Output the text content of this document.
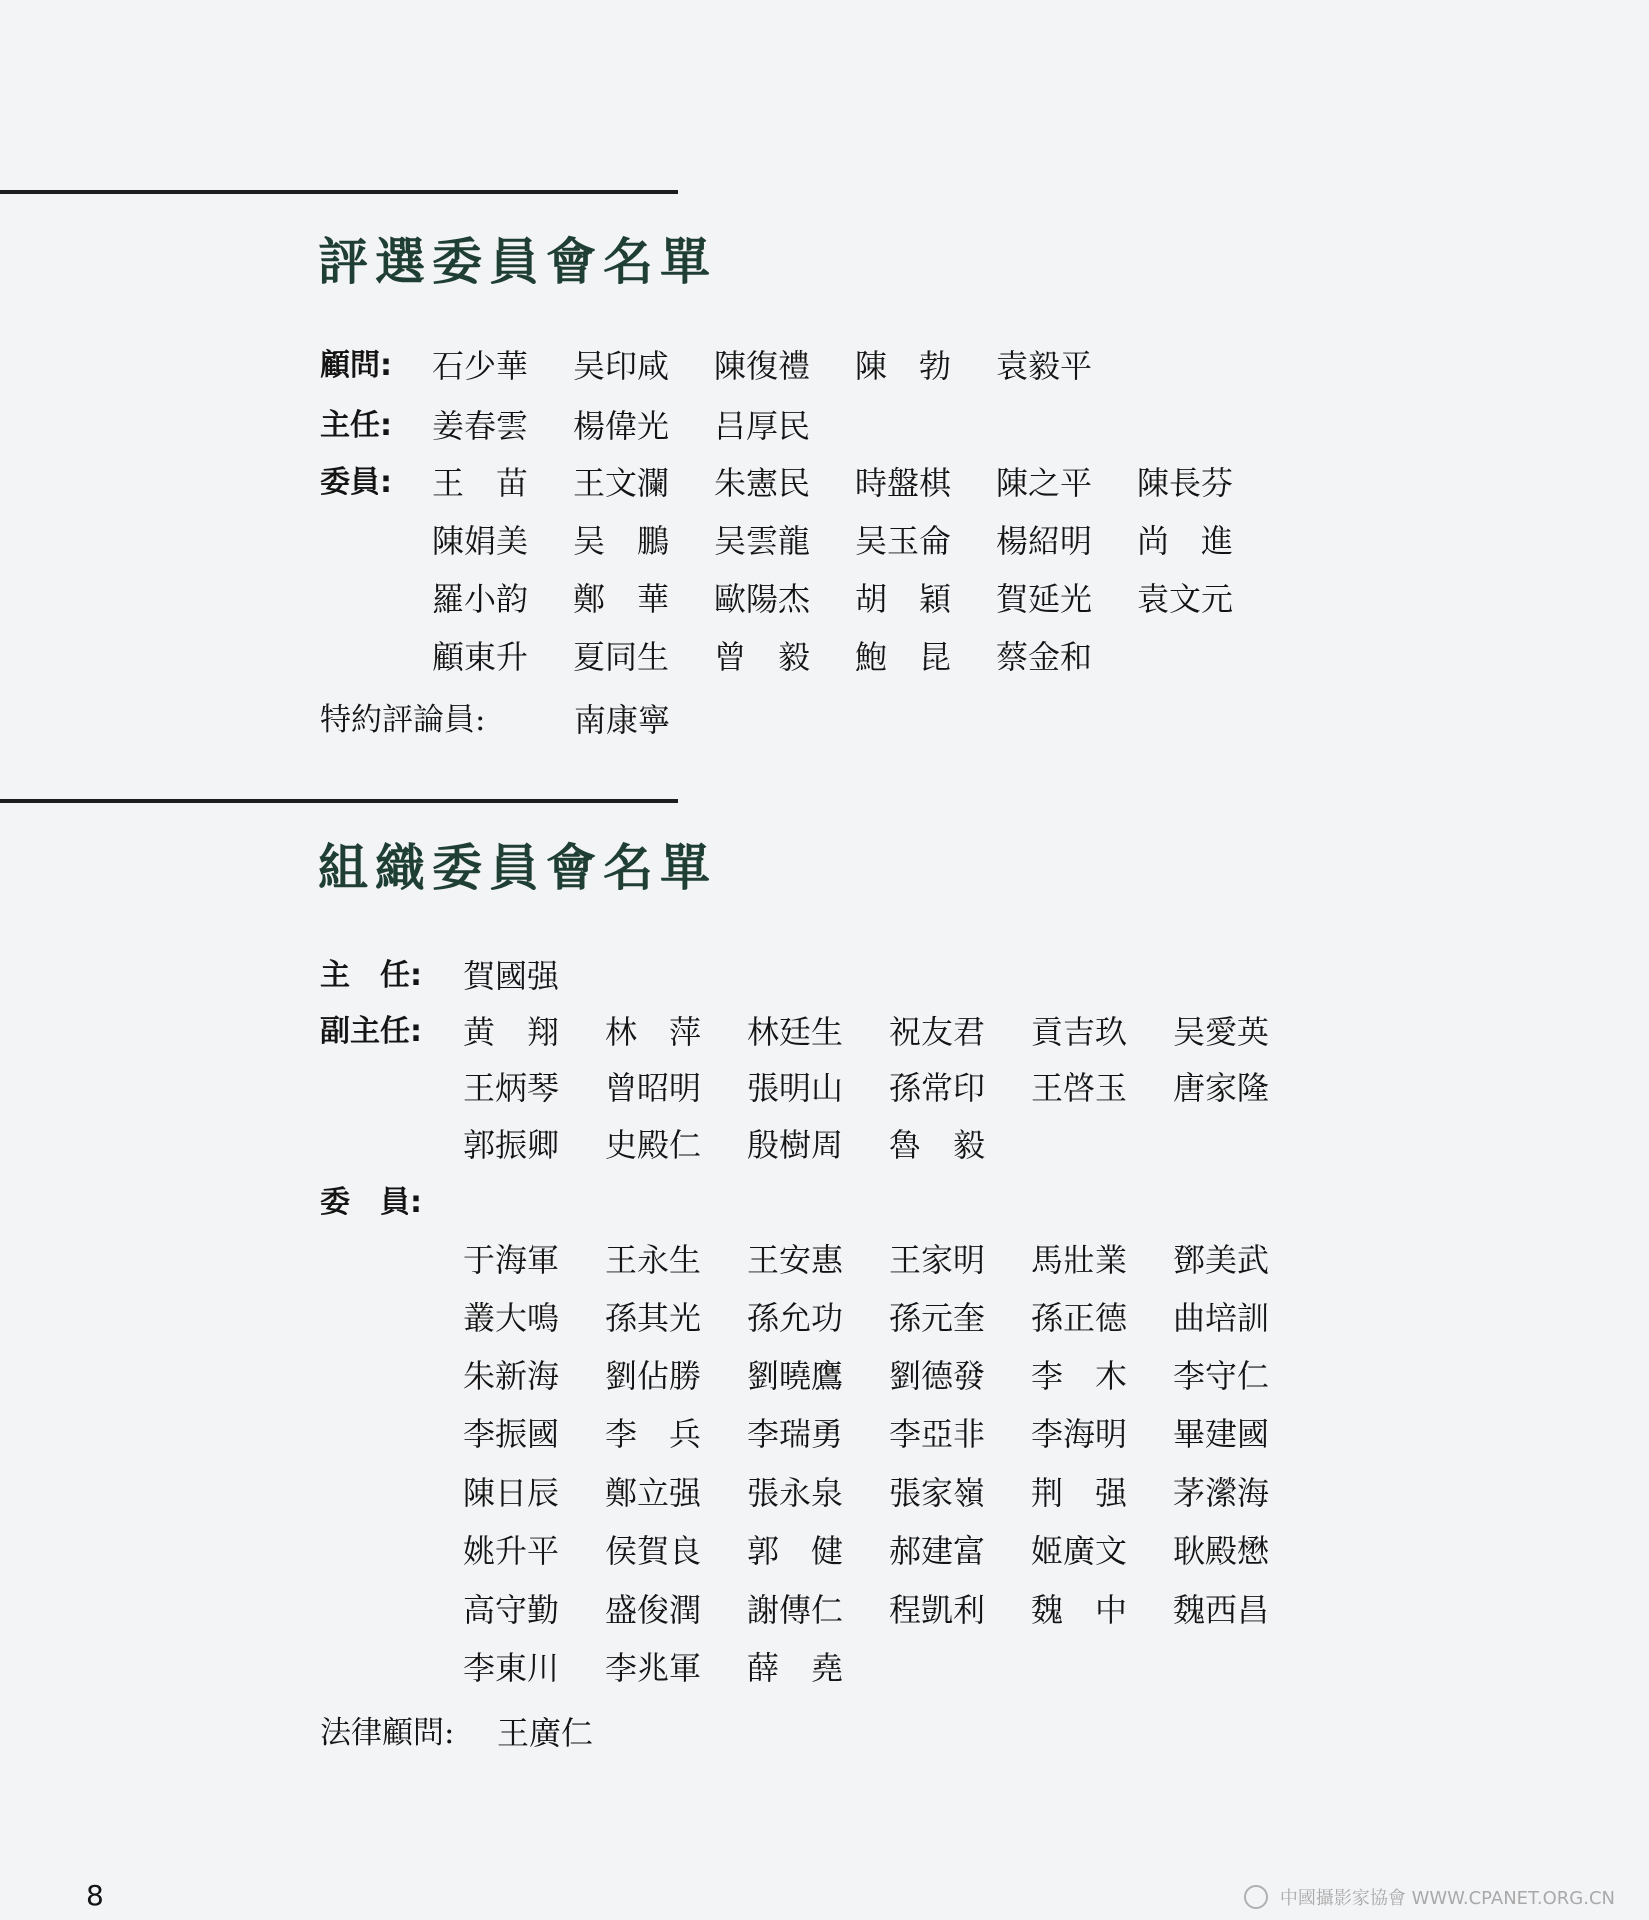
評選委員會名單
組織委員會名單
8	中國攝影家協會 WWW.CPANET.ORG.CN
顧問: 石少華	吴印咸	陳復禮	陳　勃	袁毅平
主任: 姜春雲	楊偉光	吕厚民
委員: 王　苗	王文瀾	朱憲民	時盤棋	陳之平	陳長芬
陳娟美	吴　鵬	吴雲龍	吴玉侖	楊紹明	尚　進
羅小韵	鄭　華	歐陽杰	胡　穎	賀延光	袁文元
顧東升	夏同生	曾　毅	鮑　昆	蔡金和
特約評論員:	南康寧
主　任: 賀國强
副主任: 黄　翔	林　萍	林廷生	祝友君	貢吉玖	吴愛英
王炳琴	曾昭明	張明山	孫常印	王啓玉	唐家隆
郭振卿	史殿仁	殷樹周	魯　毅
委　員:
于海軍	王永生	王安惠	王家明	馬壯業	鄧美武
叢大鳴	孫其光	孫允功	孫元奎	孫正德	曲培訓
朱新海	劉佔勝	劉曉鷹	劉德發	李　木	李守仁
李振國	李　兵	李瑞勇	李亞非	李海明	畢建國
陳日辰	鄭立强	張永泉	張家嶺	荆　强	茅瀠海
姚升平	侯賀良	郭　健	郝建富	姬廣文	耿殿懋
高守勤	盛俊潤	謝傳仁	程凱利	魏　中	魏西昌
李東川	李兆軍	薛　堯
法律顧問: 王廣仁
